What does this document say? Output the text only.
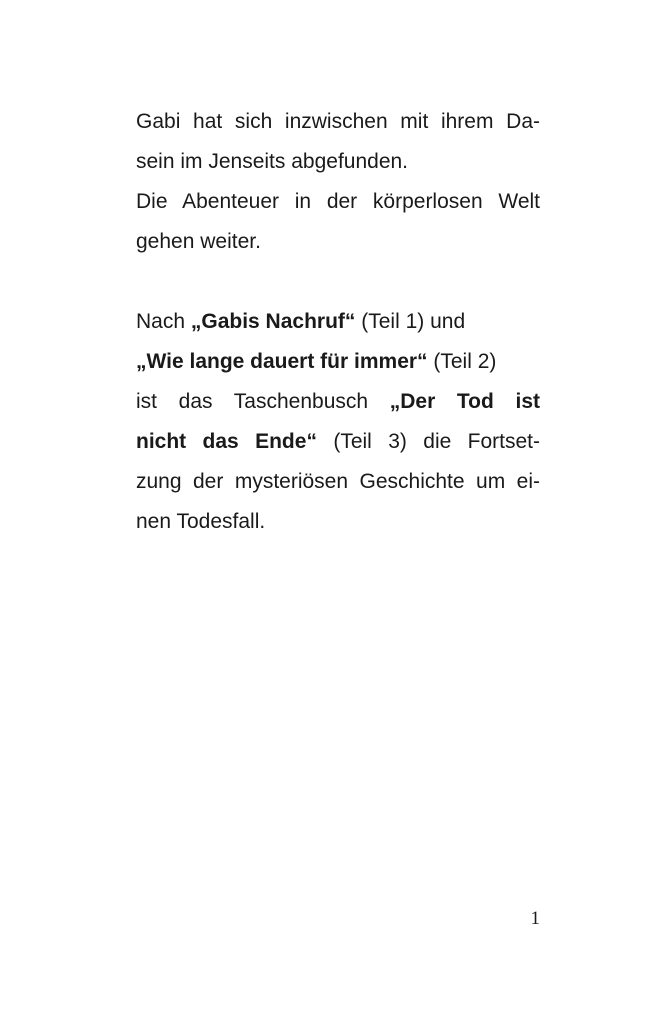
Gabi hat sich inzwischen mit ihrem Da-
sein im Jenseits abgefunden.
Die Abenteuer in der körperlosen Welt
gehen weiter.
Nach „Gabis Nachruf“ (Teil 1) und
„Wie lange dauert für immer“ (Teil 2)
ist das Taschenbusch „Der Tod ist
nicht das Ende“ (Teil 3) die Fortset-
zung der mysteriösen Geschichte um ei-
nen Todesfall.
1
